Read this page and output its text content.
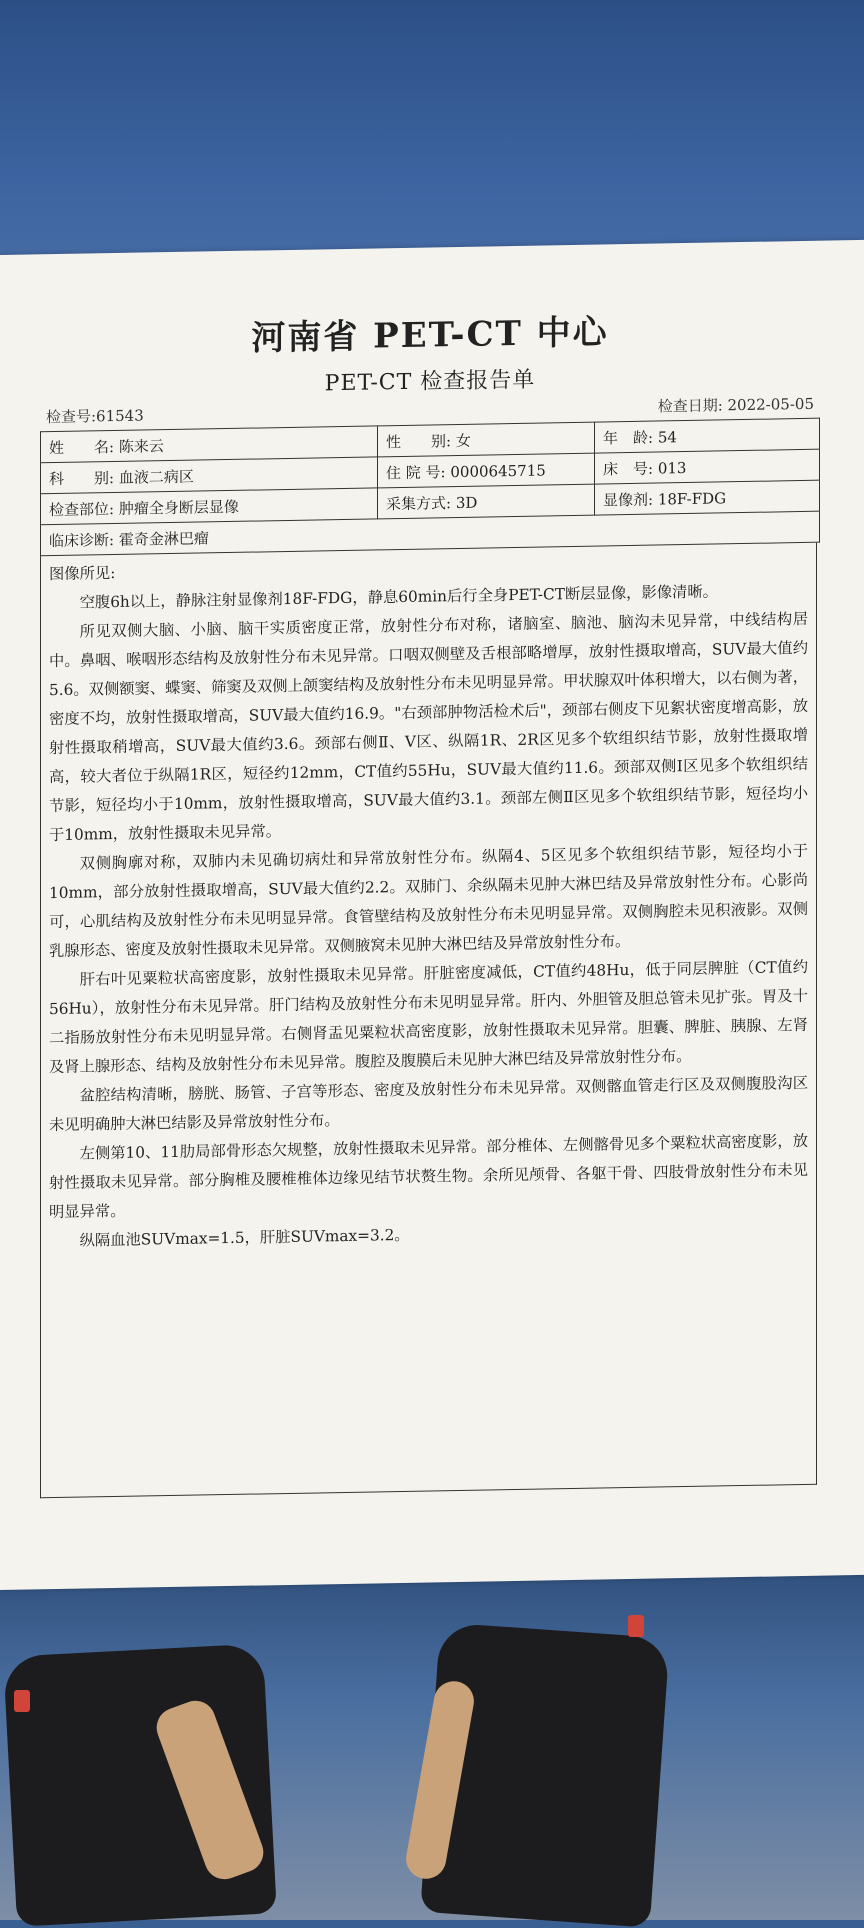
河南省 PET-CT 中心
PET-CT 检查报告单
检查号:61543
检查日期: 2022-05-05
姓　　名: 陈来云	性　　别: 女	年　龄: 54
科　　别: 血液二病区	住 院 号: 0000645715	床　号: 013
检查部位: 肿瘤全身断层显像	采集方式: 3D	显像剂: 18F-FDG
临床诊断: 霍奇金淋巴瘤		

图像所见:

空腹6h以上，静脉注射显像剂18F-FDG，静息60min后行全身PET-CT断层显像，影像清晰。

所见双侧大脑、小脑、脑干实质密度正常，放射性分布对称，诸脑室、脑池、脑沟未见异常，中线结构居中。鼻咽、喉咽形态结构及放射性分布未见异常。口咽双侧壁及舌根部略增厚，放射性摄取增高，SUV最大值约5.6。双侧额窦、蝶窦、筛窦及双侧上颌窦结构及放射性分布未见明显异常。甲状腺双叶体积增大，以右侧为著，密度不均，放射性摄取增高，SUV最大值约16.9。"右颈部肿物活检术后"，颈部右侧皮下见絮状密度增高影，放射性摄取稍增高，SUV最大值约3.6。颈部右侧Ⅱ、Ⅴ区、纵隔1R、2R区见多个软组织结节影，放射性摄取增高，较大者位于纵隔1R区，短径约12mm，CT值约55Hu，SUV最大值约11.6。颈部双侧Ⅰ区见多个软组织结节影，短径均小于10mm，放射性摄取增高，SUV最大值约3.1。颈部左侧Ⅱ区见多个软组织结节影，短径均小于10mm，放射性摄取未见异常。

双侧胸廓对称，双肺内未见确切病灶和异常放射性分布。纵隔4、5区见多个软组织结节影，短径均小于10mm，部分放射性摄取增高，SUV最大值约2.2。双肺门、余纵隔未见肿大淋巴结及异常放射性分布。心影尚可，心肌结构及放射性分布未见明显异常。食管壁结构及放射性分布未见明显异常。双侧胸腔未见积液影。双侧乳腺形态、密度及放射性摄取未见异常。双侧腋窝未见肿大淋巴结及异常放射性分布。

肝右叶见粟粒状高密度影，放射性摄取未见异常。肝脏密度减低，CT值约48Hu，低于同层脾脏（CT值约56Hu），放射性分布未见异常。肝门结构及放射性分布未见明显异常。肝内、外胆管及胆总管未见扩张。胃及十二指肠放射性分布未见明显异常。右侧肾盂见粟粒状高密度影，放射性摄取未见异常。胆囊、脾脏、胰腺、左肾及肾上腺形态、结构及放射性分布未见异常。腹腔及腹膜后未见肿大淋巴结及异常放射性分布。

盆腔结构清晰，膀胱、肠管、子宫等形态、密度及放射性分布未见异常。双侧髂血管走行区及双侧腹股沟区未见明确肿大淋巴结影及异常放射性分布。

左侧第10、11肋局部骨形态欠规整，放射性摄取未见异常。部分椎体、左侧髂骨见多个粟粒状高密度影，放射性摄取未见异常。部分胸椎及腰椎椎体边缘见结节状赘生物。余所见颅骨、各躯干骨、四肢骨放射性分布未见明显异常。

纵隔血池SUVmax=1.5，肝脏SUVmax=3.2。
